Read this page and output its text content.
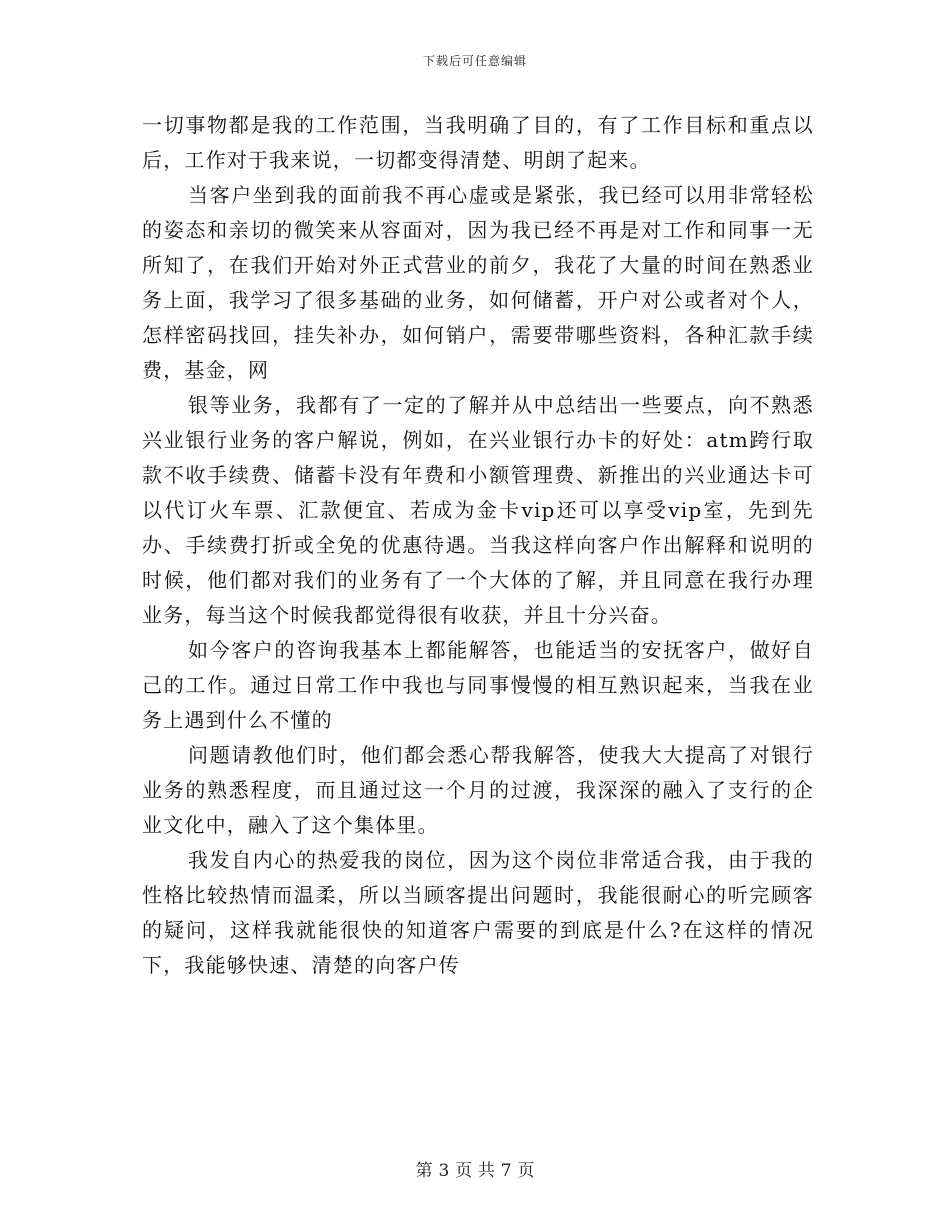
下载后可任意编辑

一切事物都是我的工作范围，当我明确了目的，有了工作目标和重点以后，工作对于我来说，一切都变得清楚、明朗了起来。

当客户坐到我的面前我不再心虚或是紧张，我已经可以用非常轻松的姿态和亲切的微笑来从容面对，因为我已经不再是对工作和同事一无所知了，在我们开始对外正式营业的前夕，我花了大量的时间在熟悉业务上面，我学习了很多基础的业务，如何储蓄，开户对公或者对个人，怎样密码找回，挂失补办，如何销户，需要带哪些资料，各种汇款手续费，基金，网

银等业务，我都有了一定的了解并从中总结出一些要点，向不熟悉兴业银行业务的客户解说，例如，在兴业银行办卡的好处：atm跨行取款不收手续费、储蓄卡没有年费和小额管理费、新推出的兴业通达卡可以代订火车票、汇款便宜、若成为金卡vip还可以享受vip室，先到先办、手续费打折或全免的优惠待遇。当我这样向客户作出解释和说明的时候，他们都对我们的业务有了一个大体的了解，并且同意在我行办理业务，每当这个时候我都觉得很有收获，并且十分兴奋。

如今客户的咨询我基本上都能解答，也能适当的安抚客户，做好自己的工作。通过日常工作中我也与同事慢慢的相互熟识起来，当我在业务上遇到什么不懂的

问题请教他们时，他们都会悉心帮我解答，使我大大提高了对银行业务的熟悉程度，而且通过这一个月的过渡，我深深的融入了支行的企业文化中，融入了这个集体里。

我发自内心的热爱我的岗位，因为这个岗位非常适合我，由于我的性格比较热情而温柔，所以当顾客提出问题时，我能很耐心的听完顾客的疑问，这样我就能很快的知道客户需要的到底是什么?在这样的情况下，我能够快速、清楚的向客户传

第 3 页 共 7 页
